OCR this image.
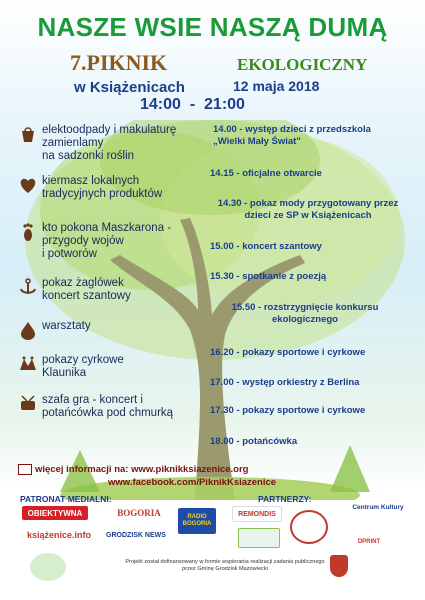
NASZE WSIE NASZĄ DUMĄ
7.PIKNIK	EKOLOGICZNY
w Książenicach	12 maja 2018
14:00  -  21:00
elektoodpady i makulaturę
zamienlamy
na sadzonki roślin
kiermasz lokalnych
tradycyjnych produktów
kto pokona Maszkarona -
przygody wojów
i potworów
pokaz żaglówek
koncert szantowy
warsztaty
pokazy cyrkowe
Klaunika
szafa gra - koncert i
potańcówka pod chmurką
14.00 - występ dzieci z przedszkola
„Wielki Mały Świat"
14.15 - oficjalne otwarcie
14.30 - pokaz mody przygotowany przez
dzieci ze SP w Książenicach
15.00 - koncert szantowy
15.30 - spotkanie z poezją
15.50 - rozstrzygnięcie konkursu
ekologicznego
16.20 - pokazy sportowe i cyrkowe
17.00 - występ orkiestry z Berlina
17.30 - pokazy sportowe i cyrkowe
18.00 - potańcówka
więcej informacji na: www.piknikksiazenice.org
www.facebook.com/PiknikKsiazenice
PATRONAT MEDIALNI:	PARTNERZY:
OBIEKTYWNA	BOGORIA	RADIO BOGORIA
książenice.info	GRODZISK NEWS
REMONDIS
Centrum Kultury
DPRINT
Projekt został dofinansowany w formie wspierania realizacji zadania publicznego przez Gminę Grodzisk Mazowiecki
